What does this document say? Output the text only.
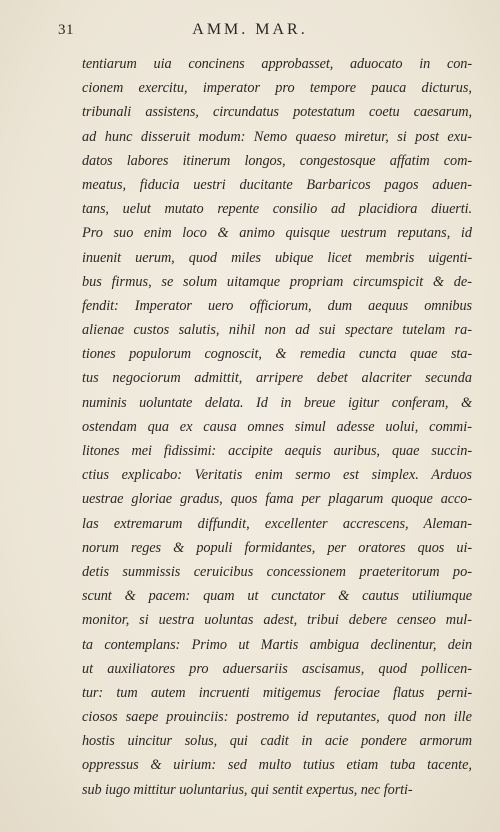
31	AMM. MAR.
tentiarum uia concinens approbasset, aduocato in con-
cionem exercitu, imperator pro tempore pauca dicturus,
tribunali assistens, circundatus potestatum coetu caesarum,
ad hunc disseruit modum: Nemo quaeso miretur, si post exu-
datos labores itinerum longos, congestosque affatim com-
meatus, fiducia uestri ducitante Barbaricos pagos aduen-
tans, uelut mutato repente consilio ad placidiora diuerti.
Pro suo enim loco & animo quisque uestrum reputans, id
inuenit uerum, quod miles ubique licet membris uigenti-
bus firmus, se solum uitamque propriam circumspicit & de-
fendit: Imperator uero officiorum, dum aequus omnibus
alienae custos salutis, nihil non ad sui spectare tutelam ra-
tiones populorum cognoscit, & remedia cuncta quae sta-
tus negociorum admittit, arripere debet alacriter secunda
numinis uoluntate delata. Id in breue igitur conferam, &
ostendam qua ex causa omnes simul adesse uolui, commi-
litones mei fidissimi: accipite aequis auribus, quae succin-
ctius explicabo: Veritatis enim sermo est simplex. Arduos
uestrae gloriae gradus, quos fama per plagarum quoque acco-
las extremarum diffundit, excellenter accrescens, Aleman-
norum reges & populi formidantes, per oratores quos ui-
detis summissis ceruicibus concessionem praeteritorum po-
scunt & pacem: quam ut cunctator & cautus utiliumque
monitor, si uestra uoluntas adest, tribui debere censeo mul-
ta contemplans: Primo ut Martis ambigua declinentur, dein
ut auxiliatores pro aduersariis ascisamus, quod pollicen-
tur: tum autem incruenti mitigemus ferociae flatus perni-
ciosos saepe prouinciis: postremo id reputantes, quod non ille
hostis uincitur solus, qui cadit in acie pondere armorum
oppressus & uirium: sed multo tutius etiam tuba tacente,
sub iugo mittitur uoluntarius, qui sentit expertus, nec forti-
